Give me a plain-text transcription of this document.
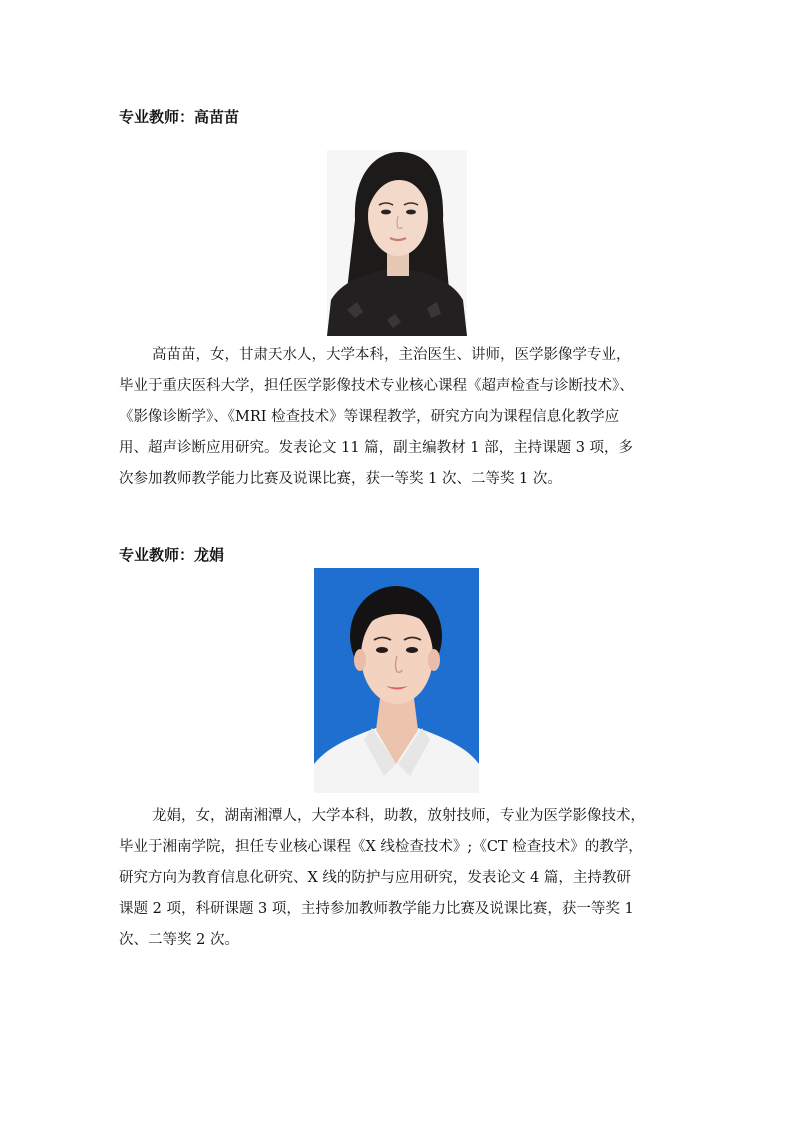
专业教师：高苗苗
高苗苗，女，甘肃天水人，大学本科，主治医生、讲师，医学影像学专业，
毕业于重庆医科大学，担任医学影像技术专业核心课程《超声检查与诊断技术》、
《影像诊断学》、《MRI 检查技术》等课程教学，研究方向为课程信息化教学应
用、超声诊断应用研究。发表论文 11 篇，副主编教材 1 部，主持课题 3 项，多
次参加教师教学能力比赛及说课比赛，获一等奖 1 次、二等奖 1 次。
专业教师：龙娟
龙娟，女，湖南湘潭人，大学本科，助教，放射技师，专业为医学影像技术，
毕业于湘南学院，担任专业核心课程《X 线检查技术》;《CT 检查技术》的教学，
研究方向为教育信息化研究、X 线的防护与应用研究，发表论文 4 篇，主持教研
课题 2 项，科研课题 3 项，主持参加教师教学能力比赛及说课比赛，获一等奖 1
次、二等奖 2 次。
